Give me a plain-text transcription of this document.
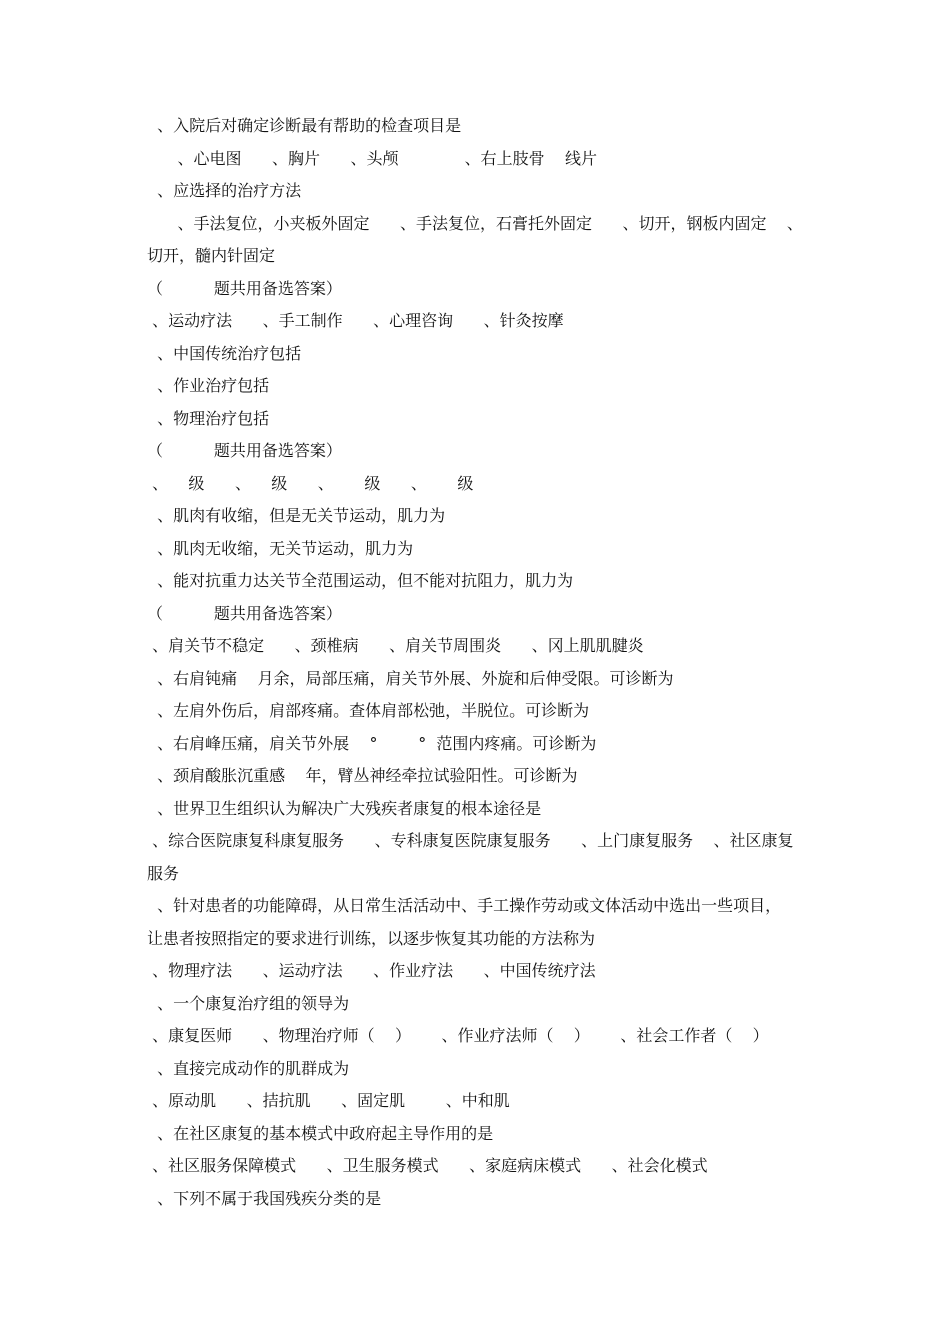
、入院后对确定诊断最有帮助的检查项目是
、心电图      、胸片      、头颅             、右上肢骨    线片
、应选择的治疗方法
、手法复位，小夹板外固定      、手法复位，石膏托外固定      、切开，钢板内固定    、
切开，髓内针固定
（          题共用备选答案）
、运动疗法      、手工制作      、心理咨询      、针灸按摩
、中国传统治疗包括
、作业治疗包括
、物理治疗包括
（          题共用备选答案）
、    级      、    级      、      级      、      级
、肌肉有收缩，但是无关节运动，肌力为
、肌肉无收缩，无关节运动，肌力为
、能对抗重力达关节全范围运动，但不能对抗阻力，肌力为
（          题共用备选答案）
、肩关节不稳定      、颈椎病      、肩关节周围炎      、冈上肌肌腱炎
、右肩钝痛    月余，局部压痛，肩关节外展、外旋和后伸受限。可诊断为
、左肩外伤后，肩部疼痛。查体肩部松弛，半脱位。可诊断为
、右肩峰压痛，肩关节外展    °        °  范围内疼痛。可诊断为
、颈肩酸胀沉重感    年，臂丛神经牵拉试验阳性。可诊断为
、世界卫生组织认为解决广大残疾者康复的根本途径是
、综合医院康复科康复服务      、专科康复医院康复服务      、上门康复服务    、社区康复
服务
、针对患者的功能障碍，从日常生活活动中、手工操作劳动或文体活动中选出一些项目，
让患者按照指定的要求进行训练，以逐步恢复其功能的方法称为
、物理疗法      、运动疗法      、作业疗法      、中国传统疗法
、一个康复治疗组的领导为
、康复医师      、物理治疗师（    ）      、作业疗法师（    ）      、社会工作者（    ）
、直接完成动作的肌群成为
、原动肌      、拮抗肌      、固定肌        、中和肌
、在社区康复的基本模式中政府起主导作用的是
、社区服务保障模式      、卫生服务模式      、家庭病床模式      、社会化模式
、下列不属于我国残疾分类的是
